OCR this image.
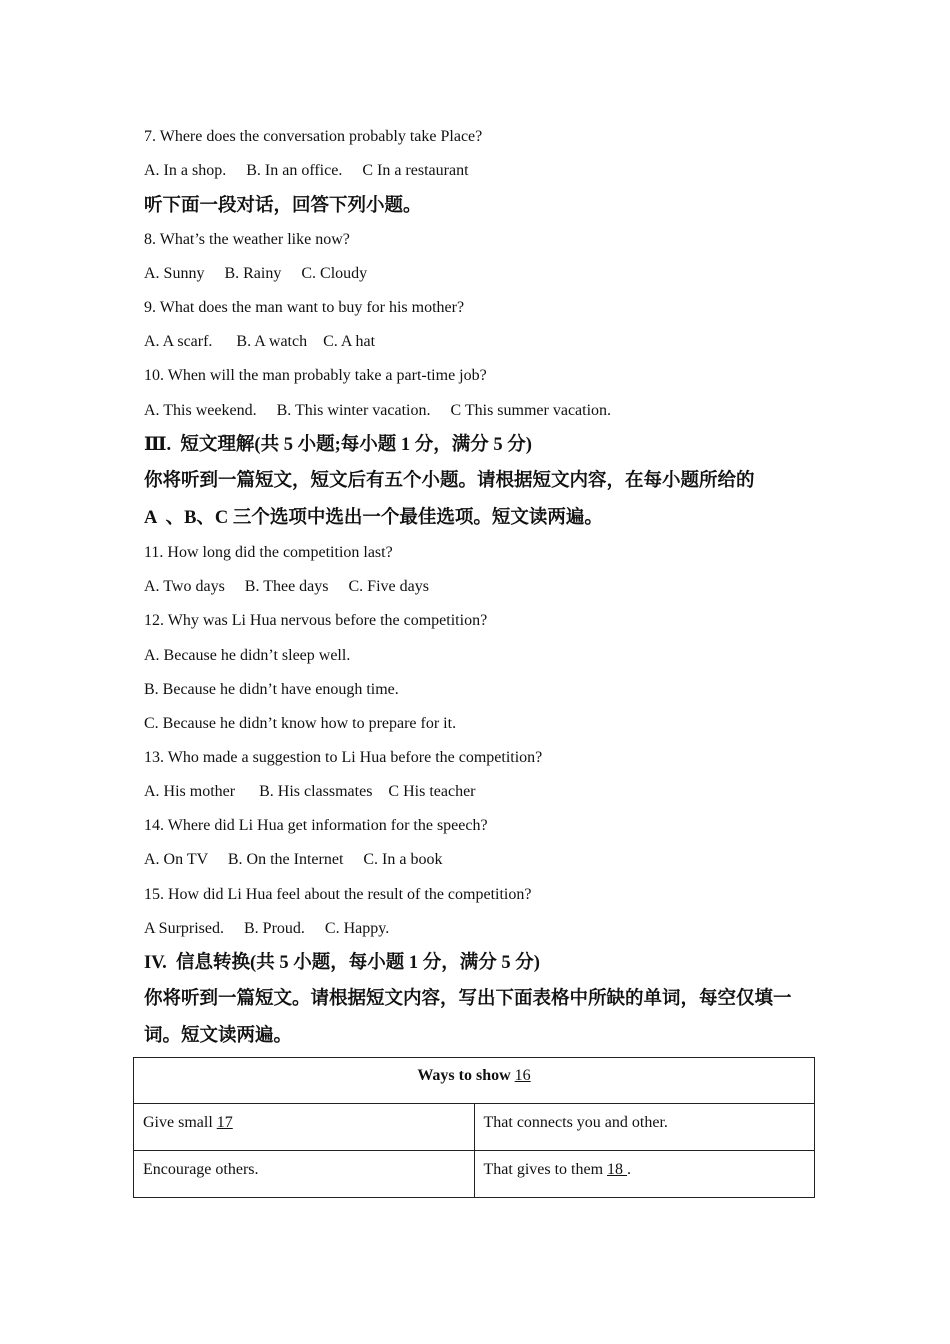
7. Where does the conversation probably take Place?
A. In a shop.     B. In an office.     C In a restaurant
听下面一段对话，回答下列小题。
8. What’s the weather like now?
A. Sunny     B. Rainy     C. Cloudy
9. What does the man want to buy for his mother?
A. A scarf.      B. A watch    C. A hat
10. When will the man probably take a part-time job?
A. This weekend.     B. This winter vacation.     C This summer vacation.
Ⅲ.  短文理解(共 5 小题;每小题 1 分，满分 5 分)
你将听到一篇短文，短文后有五个小题。请根据短文内容，在每小题所给的
A  、B、C 三个选项中选出一个最佳选项。短文读两遍。
11. How long did the competition last?
A. Two days     B. Thee days     C. Five days
12. Why was Li Hua nervous before the competition?
A. Because he didn’t sleep well.
B. Because he didn’t have enough time.
C. Because he didn’t know how to prepare for it.
13. Who made a suggestion to Li Hua before the competition?
A. His mother      B. His classmates    C His teacher
14. Where did Li Hua get information for the speech?
A. On TV     B. On the Internet     C. In a book
15. How did Li Hua feel about the result of the competition?
A Surprised.     B. Proud.     C. Happy.
IV.  信息转换(共 5 小题，每小题 1 分，满分 5 分)
你将听到一篇短文。请根据短文内容，写出下面表格中所缺的单词，每空仅填一
词。短文读两遍。
Ways to show 16	
Give small 17	That connects you and other.
Encourage others.	That gives to them 18 .
